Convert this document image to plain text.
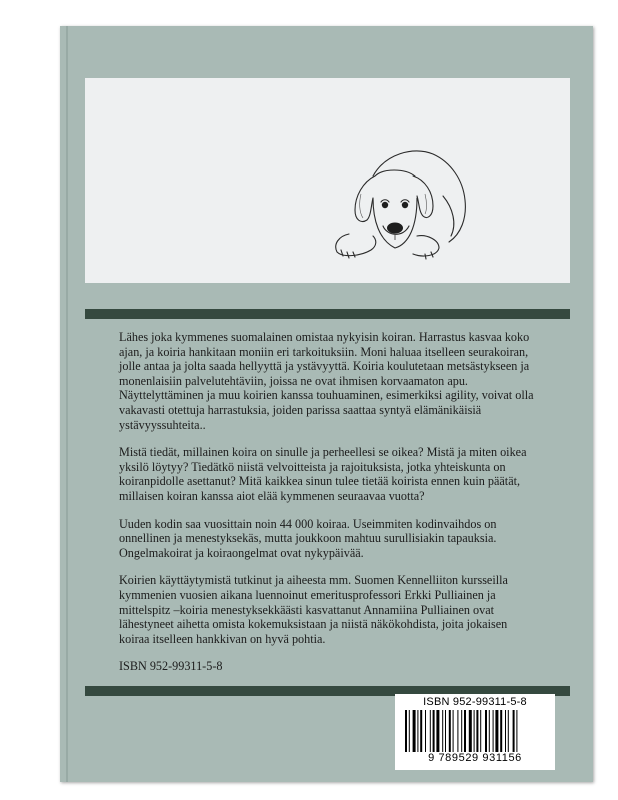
Lähes joka kymmenes suomalainen omistaa nykyisin koiran. Harrastus kasvaa koko ajan, ja koiria hankitaan moniin eri tarkoituksiin. Moni haluaa itselleen seurakoiran, jolle antaa ja jolta saada hellyyttä ja ystävyyttä. Koiria koulutetaan metsästykseen ja monenlaisiin palvelutehtäviin, joissa ne ovat ihmisen korvaamaton apu. Näyttelyttäminen ja muu koirien kanssa touhuaminen, esimerkiksi agility, voivat olla vakavasti otettuja harrastuksia, joiden parissa saattaa syntyä elämänikäisiä ystävyyssuhteita..

Mistä tiedät, millainen koira on sinulle ja perheellesi se oikea? Mistä ja miten oikea yksilö löytyy? Tiedätkö niistä velvoitteista ja rajoituksista, jotka yhteiskunta on koiranpidolle asettanut? Mitä kaikkea sinun tulee tietää koirista ennen kuin päätät, millaisen koiran kanssa aiot elää kymmenen seuraavaa vuotta?

Uuden kodin saa vuosittain noin 44 000 koiraa. Useimmiten kodinvaihdos on onnellinen ja menestyksekäs, mutta joukkoon mahtuu surullisiakin tapauksia. Ongelmakoirat ja koiraongelmat ovat nykypäivää.

Koirien käyttäytymistä tutkinut ja aiheesta mm. Suomen Kennelliiton kursseilla kymmenien vuosien aikana luennoinut emeritusprofessori Erkki Pulliainen ja mittelspitz –koiria menestyksekkäästi kasvattanut Annamiina Pulliainen ovat lähestyneet aihetta omista kokemuksistaan ja niistä näkökohdista, joita jokaisen koiraa itselleen hankkivan on hyvä pohtia.

ISBN 952-99311-5-8

ISBN 952-99311-5-8
9 789529 931156
